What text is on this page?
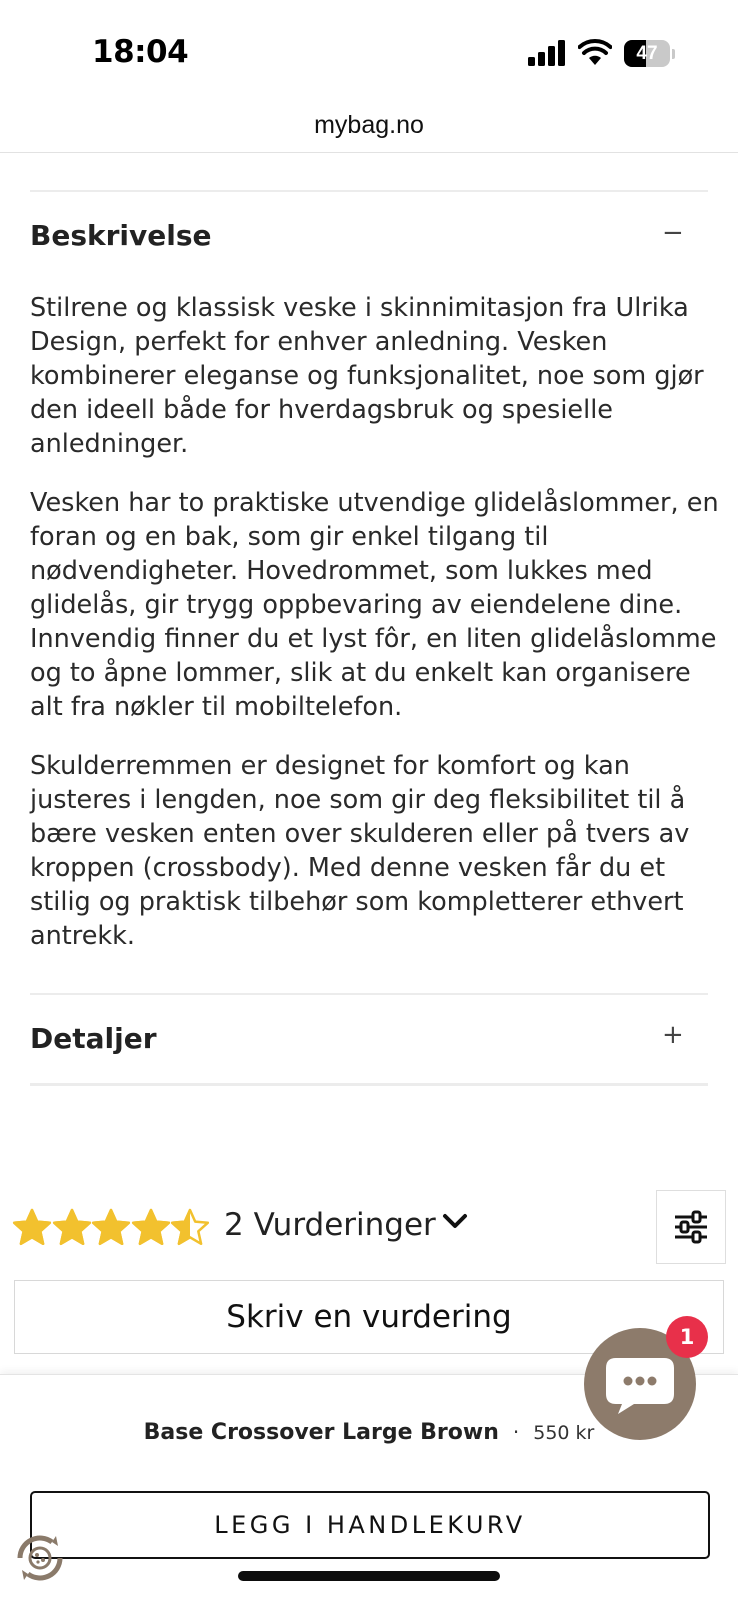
18:04	47
mybag.no
Beskrivelse	−

Stilrene og klassisk veske i skinnimitasjon fra Ulrika Design, perfekt for enhver anledning. Vesken kombinerer eleganse og funksjonalitet, noe som gjør den ideell både for hverdagsbruk og spesielle anledninger.

Vesken har to praktiske utvendige glidelåslommer, en foran og en bak, som gir enkel tilgang til nødvendigheter. Hovedrommet, som lukkes med glidelås, gir trygg oppbevaring av eiendelene dine. Innvendig finner du et lyst fôr, en liten glidelåslomme og to åpne lommer, slik at du enkelt kan organisere alt fra nøkler til mobiltelefon.

Skulderremmen er designet for komfort og kan justeres i lengden, noe som gir deg fleksibilitet til å bære vesken enten over skulderen eller på tvers av kroppen (crossbody). Med denne vesken får du et stilig og praktisk tilbehør som kompletterer ethvert antrekk.

Detaljer	+
2 Vurderinger
Skriv en vurdering
Base Crossover Large Brown · 550 kr
LEGG I HANDLEKURV
1
